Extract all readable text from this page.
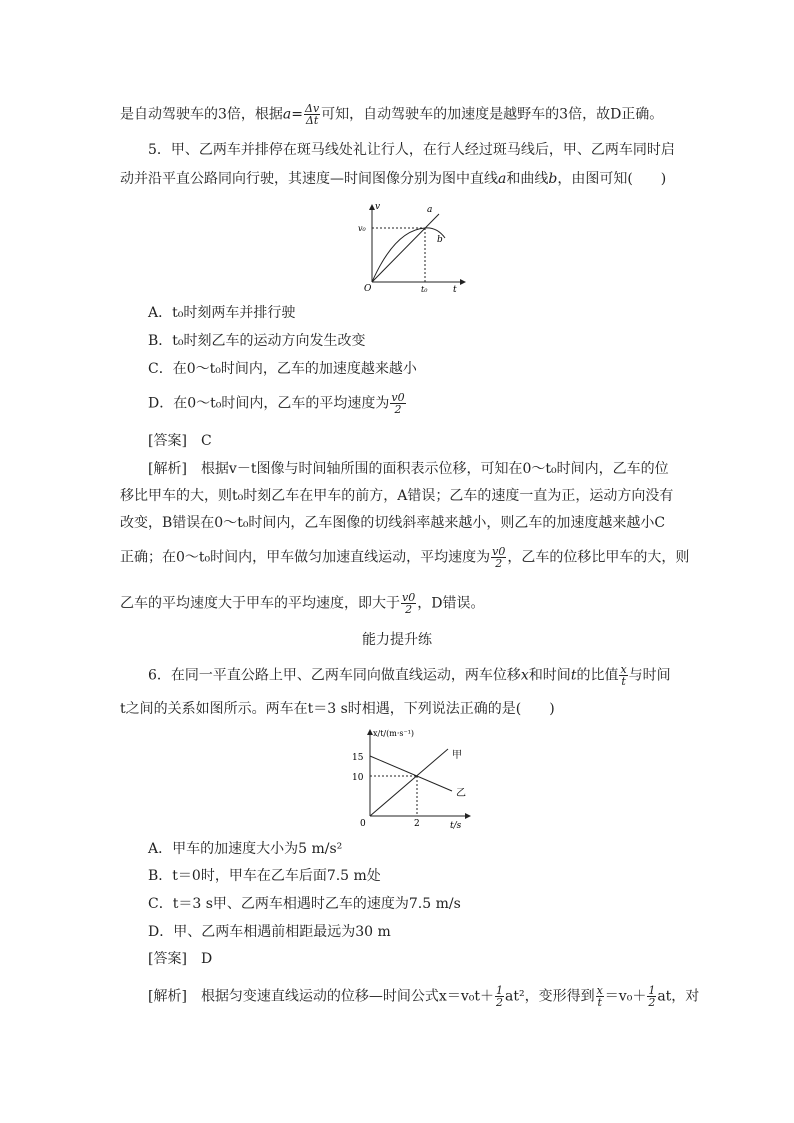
是自动驾驶车的3倍，根据$a= \frac{\Delta v}{\Delta t}$ 可知，自动驾驶车的加速度是越野车的3倍，故D正确。
5．甲、乙两车并排停在斑马线处礼让行人，在行人经过斑马线后，甲、乙两车同时启
动并沿平直公路同向行驶，其速度—时间图像分别为图中直线a和曲线b，由图可知(　　)
v
v₀
O	t₀	t
a
b
A．t₀时刻两车并排行驶
B．t₀时刻乙车的运动方向发生改变
C．在0～t₀时间内，乙车的加速度越来越小
D．在0～t₀时间内，乙车的平均速度为 $\frac{v0}{2}$
[答案]　 C
[解析]　 根据v－t图像与时间轴所围的面积表示位移，可知在0～t₀时间内，乙车的位
移比甲车的大，则t₀时刻乙车在甲车的前方，A错误；乙车的速度一直为正，运动方向没有
改变，B错误在0～t₀时间内，乙车图像的切线斜率越来越小，则乙车的加速度越来越小C
正确；在0～t₀时间内，甲车做匀加速直线运动，平均速度为 $\frac{v0}{2}$ ，乙车的位移比甲车的大，则
乙车的平均速度大于甲车的平均速度，即大于 $\frac{v0}{2}$ ，D错误。
能力提升练
6．在同一平直公路上甲、乙两车同向做直线运动，两车位移x和时间t的比值 $\frac{x}{t}$ 与时间
t之间的关系如图所示。两车在t＝3 s时相遇，下列说法正确的是(　　)
x/t/(m·s⁻¹)
15
10
0	2	t/s
甲
乙
A．甲车的加速度大小为5 m/s²
B．t＝0时，甲车在乙车后面7.5 m处
C．t＝3 s甲、乙两车相遇时乙车的速度为7.5 m/s
D．甲、乙两车相遇前相距最远为30 m
[答案]　 D
[解析]　 根据匀变速直线运动的位移—时间公式$x=v_0t+ \frac{1}{2} at^2$，变形得到 $\frac{x}{t} =v_0+ \frac{1}{2}$ at，对
